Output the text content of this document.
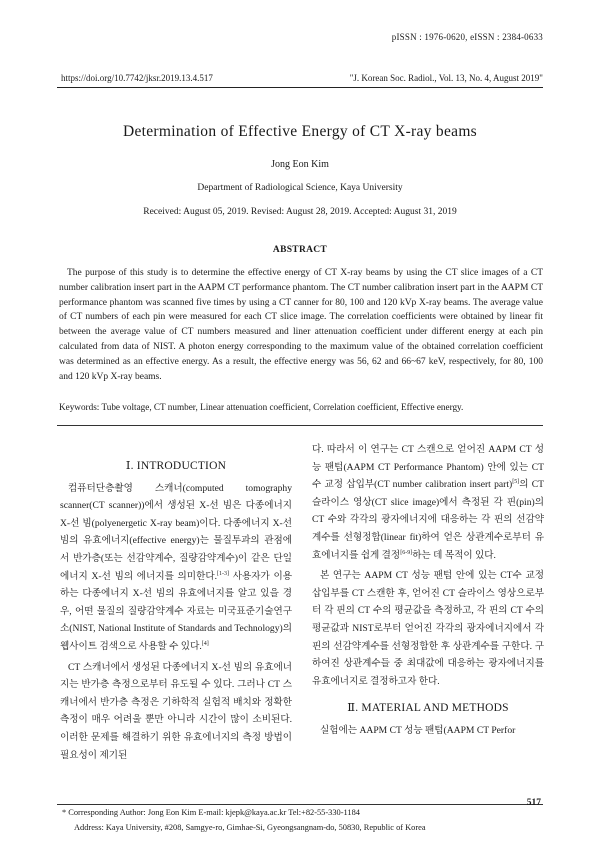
pISSN : 1976-0620, eISSN : 2384-0633
https://doi.org/10.7742/jksr.2019.13.4.517	"J. Korean Soc. Radiol., Vol. 13, No. 4, August 2019"
Determination of Effective Energy of CT X-ray beams
Jong Eon Kim
Department of Radiological Science, Kaya University
Received: August 05, 2019. Revised: August 28, 2019. Accepted: August 31, 2019
ABSTRACT
The purpose of this study is to determine the effective energy of CT X-ray beams by using the CT slice images of a CT number calibration insert part in the AAPM CT performance phantom. The CT number calibration insert part in the AAPM CT performance phantom was scanned five times by using a CT canner for 80, 100 and 120 kVp X-ray beams. The average value of CT numbers of each pin were measured for each CT slice image. The correlation coefficients were obtained by linear fit between the average value of CT numbers measured and liner attenuation coefficient under different energy at each pin calculated from data of NIST. A photon energy corresponding to the maximum value of the obtained correlation coefficient was determined as an effective energy. As a result, the effective energy was 56, 62 and 66~67 keV, respectively, for 80, 100 and 120 kVp X-ray beams.
Keywords: Tube voltage, CT number, Linear attenuation coefficient, Correlation coefficient, Effective energy.
Ⅰ. INTRODUCTION

컴퓨터단층촬영 스캐너(computed tomography scanner(CT scanner))에서 생성된 X-선 빔은 다종에너지 X-선 빔(polyenergetic X-ray beam)이다. 다종에너지 X-선 빔의 유효에너지(effective energy)는 물질투과의 관점에서 반가층(또는 선감약계수, 질량감약계수)이 같은 단일에너지 X-선 빔의 에너지를 의미한다.[1-3] 사용자가 이용하는 다종에너지 X-선 빔의 유효에너지를 알고 있을 경우, 어떤 물질의 질량감약계수 자료는 미국표준기술연구소(NIST, National Institute of Standards and Technology)의 웹사이트 검색으로 사용할 수 있다.[4]

CT 스캐너에서 생성된 다종에너지 X-선 빔의 유효에너지는 반가층 측정으로부터 유도될 수 있다. 그러나 CT 스캐너에서 반가층 측정은 기하학적 실험적 배치와 정확한 측정이 매우 어려울 뿐만 아니라 시간이 많이 소비된다. 이러한 문제를 해결하기 위한 유효에너지의 측정 방법이 필요성이 제기된

다. 따라서 이 연구는 CT 스캔으로 얻어진 AAPM CT 성능 팬텀(AAPM CT Performance Phantom) 안에 있는 CT 수 교정 삽입부(CT number calibration insert part)[5]의 CT 슬라이스 영상(CT slice image)에서 측정된 각 핀(pin)의 CT 수와 각각의 광자에너지에 대응하는 각 핀의 선감약계수를 선형정합(linear fit)하여 얻은 상관계수로부터 유효에너지를 쉽게 결정[6-9]하는 데 목적이 있다.

본 연구는 AAPM CT 성능 팬텀 안에 있는 CT수 교정 삽입부를 CT 스캔한 후, 얻어진 CT 슬라이스 영상으로부터 각 핀의 CT 수의 평균값을 측정하고, 각 핀의 CT 수의 평균값과 NIST로부터 얻어진 각각의 광자에너지에서 각 핀의 선감약계수를 선형정합한 후 상관계수를 구한다. 구하여진 상관계수들 중 최대값에 대응하는 광자에너지를 유효에너지로 결정하고자 한다.

Ⅱ. MATERIAL AND METHODS

실험에는 AAPM CT 성능 팬텀(AAPM CT Perfor

* Corresponding Author: Jong Eon Kim E-mail: kjepk@kaya.ac.kr Tel:+82-55-330-1184
Address: Kaya University, #208, Samgye-ro, Gimhae-Si, Gyeongsangnam-do, 50830, Republic of Korea
517
